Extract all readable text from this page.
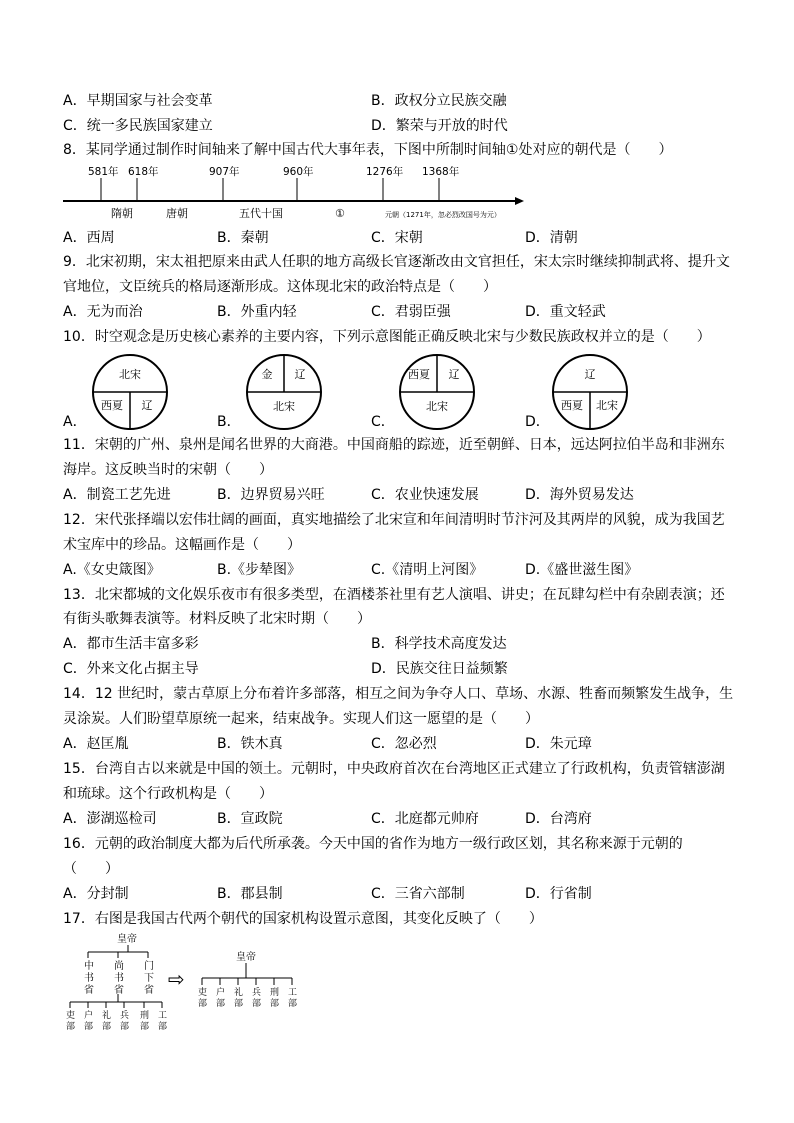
A．早期国家与社会变革	B．政权分立民族交融
C．统一多民族国家建立	D．繁荣与开放的时代
8．某同学通过制作时间轴来了解中国古代大事年表，下图中所制时间轴①处对应的朝代是（　　）
581年 618年	907年	960年	1276年 1368年
隋朝	唐朝	五代十国	①	元朝（1271年，忽必烈改国号为元）
A．西周	B．秦朝	C．宋朝	D．清朝
9．北宋初期，宋太祖把原来由武人任职的地方高级长官逐渐改由文官担任，宋太宗时继续抑制武将、提升文
官地位，文臣统兵的格局逐渐形成。这体现北宋的政治特点是（　　）
A．无为而治	B．外重内轻	C．君弱臣强	D．重文轻武
10．时空观念是历史核心素养的主要内容，下列示意图能正确反映北宋与少数民族政权并立的是（　　）
北宋
西夏 辽
A．
金 辽
北宋
B．
西夏 辽
北宋
C．
辽
西夏 北宋
D．
11．宋朝的广州、泉州是闻名世界的大商港。中国商船的踪迹，近至朝鲜、日本，远达阿拉伯半岛和非洲东
海岸。这反映当时的宋朝（　　）
A．制瓷工艺先进	B．边界贸易兴旺	C．农业快速发展	D．海外贸易发达
12．宋代张择端以宏伟壮阔的画面，真实地描绘了北宋宣和年间清明时节汴河及其两岸的风貌，成为我国艺
术宝库中的珍品。这幅画作是（　　）
A.《女史箴图》	B.《步辇图》	C.《清明上河图》	D.《盛世滋生图》
13．北宋都城的文化娱乐夜市有很多类型，在酒楼茶社里有艺人演唱、讲史；在瓦肆勾栏中有杂剧表演；还
有街头歌舞表演等。材料反映了北宋时期（　　）
A．都市生活丰富多彩	B．科学技术高度发达
C．外来文化占据主导	D．民族交往日益频繁
14．12 世纪时，蒙古草原上分布着许多部落，相互之间为争夺人口、草场、水源、牲畜而频繁发生战争，生
灵涂炭。人们盼望草原统一起来，结束战争。实现人们这一愿望的是（　　）
A．赵匡胤	B．铁木真	C．忽必烈	D．朱元璋
15．台湾自古以来就是中国的领土。元朝时，中央政府首次在台湾地区正式建立了行政机构，负责管辖澎湖
和琉球。这个行政机构是（　　）
A．澎湖巡检司	B．宣政院	C．北庭都元帅府	D．台湾府
16．元朝的政治制度大都为后代所承袭。今天中国的省作为地方一级行政区划，其名称来源于元朝的
（　　）
A．分封制	B．郡县制	C．三省六部制	D．行省制
17．右图是我国古代两个朝代的国家机构设置示意图，其变化反映了（　　）
皇帝
中书省
尚书省
门下省
吏部
户部
礼部
兵部
刑部
工部
⇨
皇帝
吏部
户部
礼部
兵部
刑部
工部
